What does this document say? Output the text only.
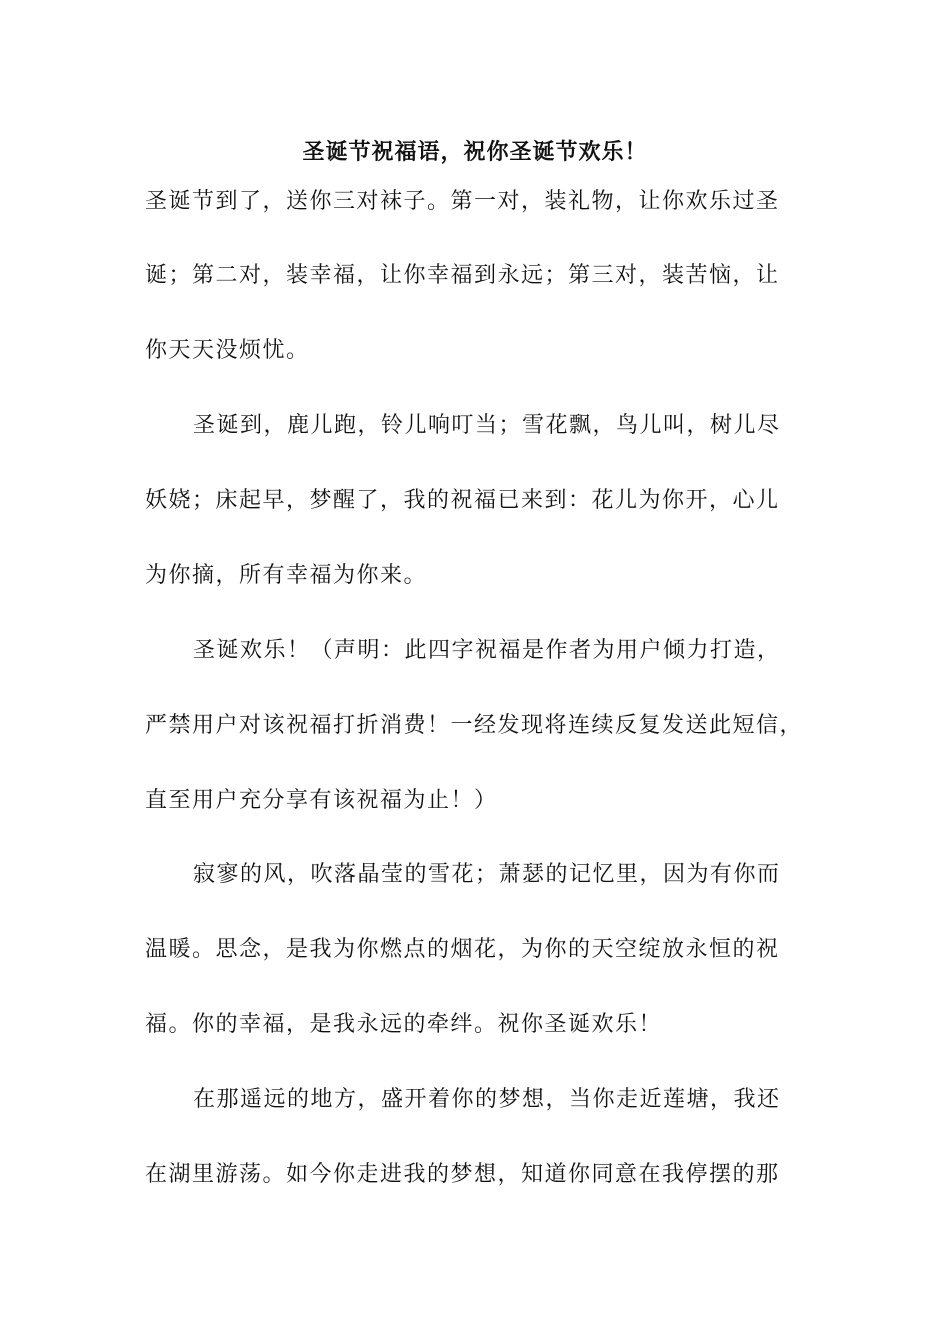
圣诞节祝福语，祝你圣诞节欢乐！
圣诞节到了，送你三对袜子。第一对，装礼物，让你欢乐过圣
诞；第二对，装幸福，让你幸福到永远；第三对，装苦恼，让
你天天没烦忧。
圣诞到，鹿儿跑，铃儿响叮当；雪花飘，鸟儿叫，树儿尽
妖娆；床起早，梦醒了，我的祝福已来到：花儿为你开，心儿
为你摘，所有幸福为你来。
圣诞欢乐！（声明：此四字祝福是作者为用户倾力打造，
严禁用户对该祝福打折消费！一经发现将连续反复发送此短信，
直至用户充分享有该祝福为止！）
寂寥的风，吹落晶莹的雪花；萧瑟的记忆里，因为有你而
温暖。思念，是我为你燃点的烟花，为你的天空绽放永恒的祝
福。你的幸福，是我永远的牵绊。祝你圣诞欢乐！
在那遥远的地方，盛开着你的梦想，当你走近莲塘，我还
在湖里游荡。如今你走进我的梦想，知道你同意在我停摆的那
